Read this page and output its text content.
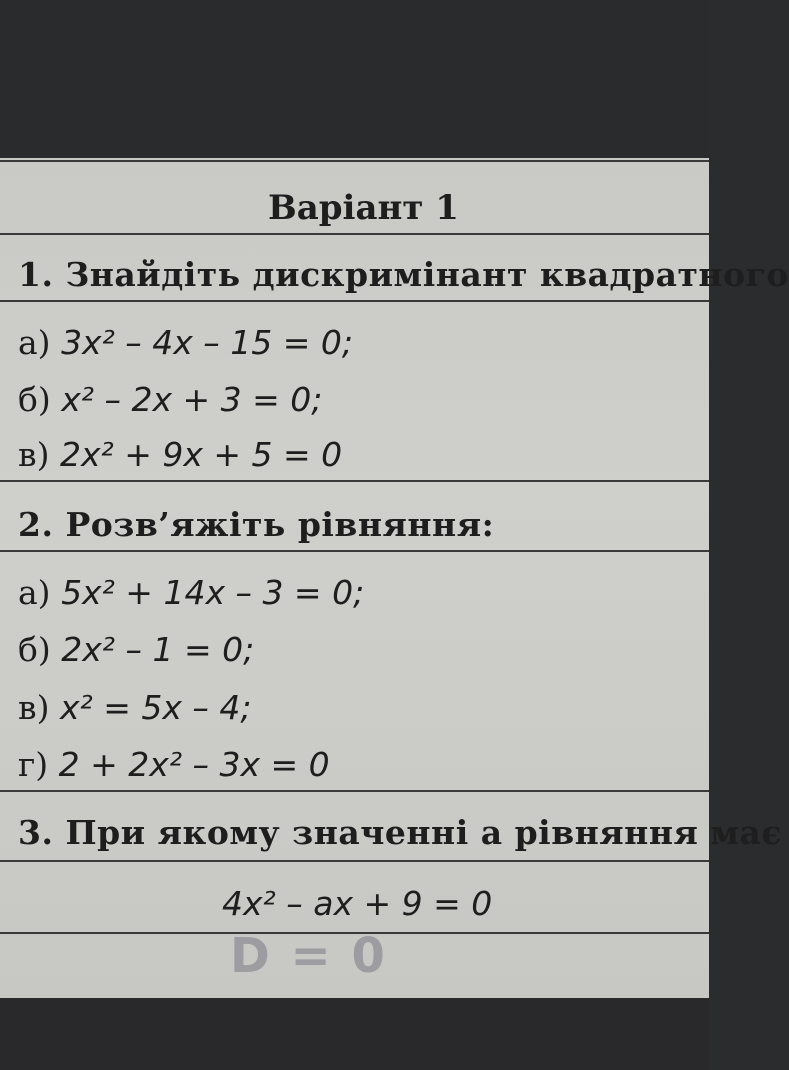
Варіант 1
1. Знайдіть дискримінант квадратного
а) 3x² – 4x – 15 = 0;
б) x² – 2x + 3 = 0;
в) 2x² + 9x + 5 = 0
2. Розв’яжіть рівняння:
а) 5x² + 14x – 3 = 0;
б) 2x² – 1 = 0;
в) x² = 5x – 4;
г) 2 + 2x² – 3x = 0
3. При якому значенні a рівняння має
4x² – ax + 9 = 0
D = 0
